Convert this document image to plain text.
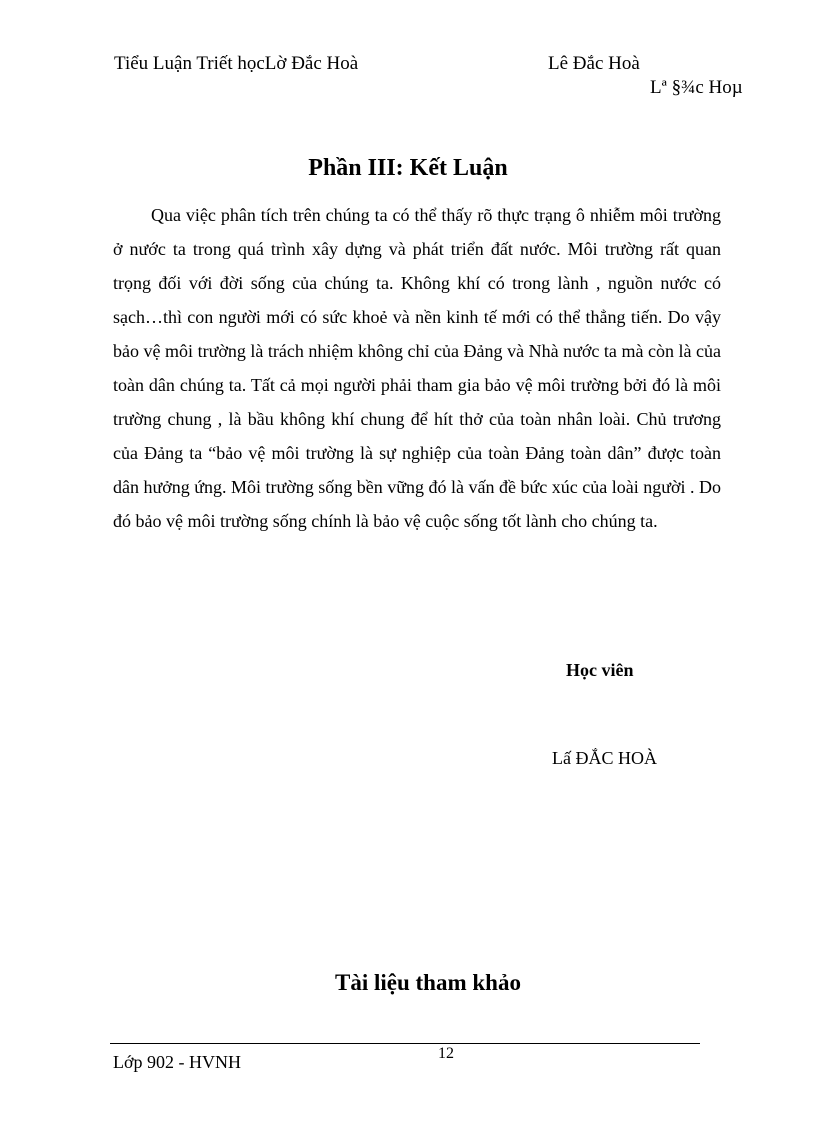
Tiểu Luận Triết họcLờ Đắc Hoà	Lê Đắc Hoà
Lª §¾c Hoµ
Phần III: Kết Luận
Qua việc phân tích trên chúng ta có thể thấy rõ thực trạng ô nhiễm môi trường ở nước ta trong quá trình xây dựng và phát triển đất nước. Môi trường rất quan trọng đối với đời sống của chúng ta. Không khí có trong lành , nguồn nước có sạch…thì con người mới có sức khoẻ và nền kinh tế mới có thể thẳng tiến. Do vậy bảo vệ môi trường là trách nhiệm không chỉ của Đảng và Nhà nước ta mà còn là của toàn dân chúng ta. Tất cả mọi người phải tham gia bảo vệ môi trường bởi đó là môi trường chung , là bầu không khí chung để hít thở của toàn nhân loài. Chủ trương của Đảng ta “bảo vệ môi trường là sự nghiệp của toàn Đảng toàn dân” được toàn dân hưởng ứng. Môi trường sống bền vững đó là vấn đề bức xúc của loài người . Do đó bảo vệ môi trường sống chính là bảo vệ cuộc sống tốt lành cho chúng ta.
Học viên
Lấ ĐẮC HOÀ
Tài liệu tham khảo
Lớp 902 - HVNH	12
